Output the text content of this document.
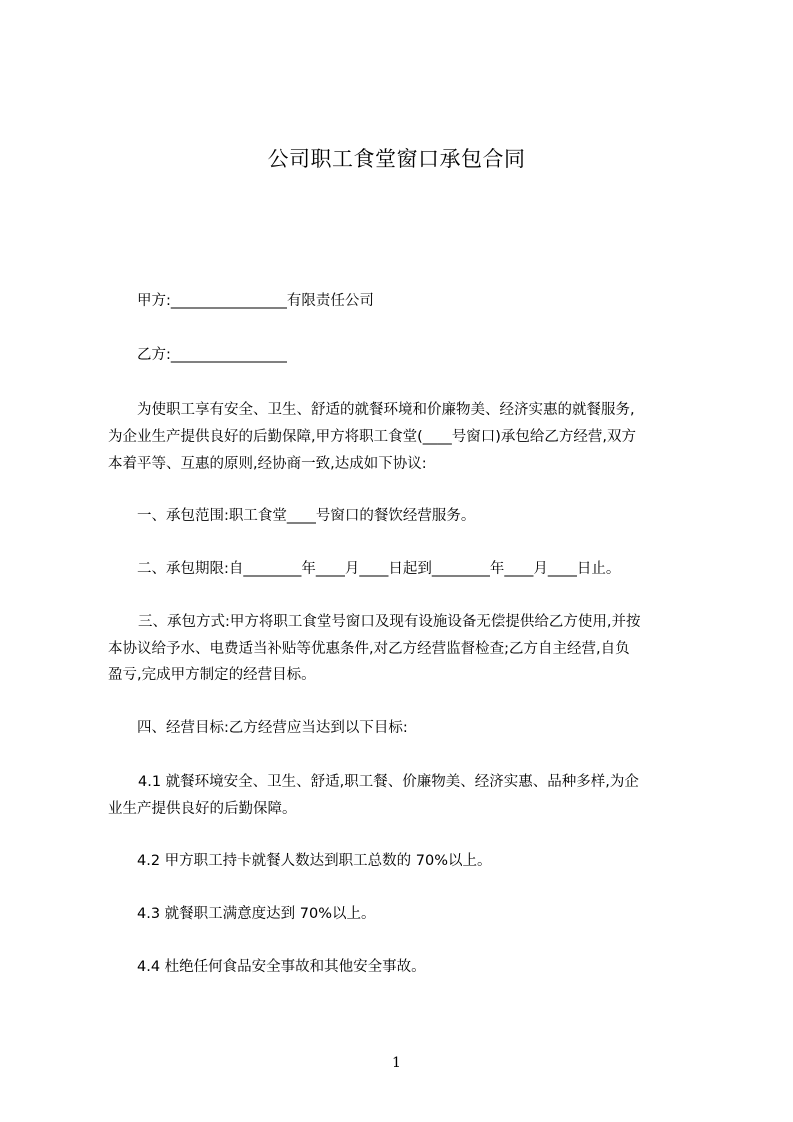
公司职工食堂窗口承包合同
甲方:________________有限责任公司
乙方:________________
为使职工享有安全、卫生、舒适的就餐环境和价廉物美、经济实惠的就餐服务,
为企业生产提供良好的后勤保障,甲方将职工食堂(____号窗口)承包给乙方经营,双方
本着平等、互惠的原则,经协商一致,达成如下协议:
一、承包范围:职工食堂____号窗口的餐饮经营服务。
二、承包期限:自________年____月____日起到________年____月____日止。
三、承包方式:甲方将职工食堂号窗口及现有设施设备无偿提供给乙方使用,并按
本协议给予水、电费适当补贴等优惠条件,对乙方经营监督检查;乙方自主经营,自负
盈亏,完成甲方制定的经营目标。
四、经营目标:乙方经营应当达到以下目标:
4.1 就餐环境安全、卫生、舒适,职工餐、价廉物美、经济实惠、品种多样,为企
业生产提供良好的后勤保障。
4.2 甲方职工持卡就餐人数达到职工总数的 70%以上。
4.3 就餐职工满意度达到 70%以上。
4.4 杜绝任何食品安全事故和其他安全事故。
1
